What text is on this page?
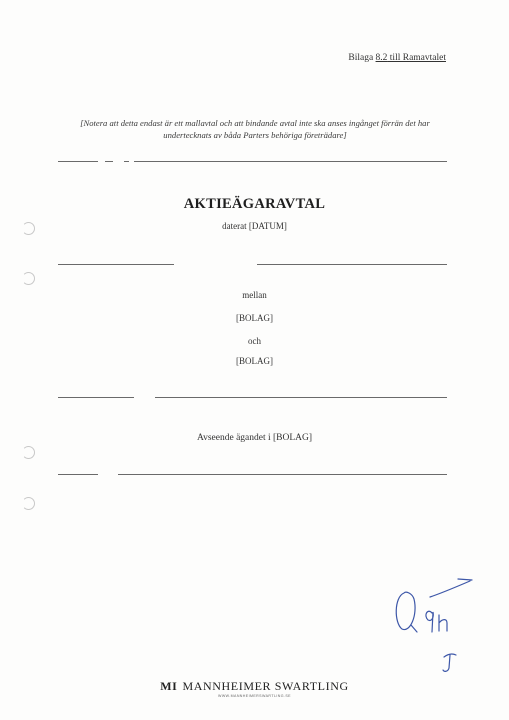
Bilaga 8.2 till Ramavtalet
[Notera att detta endast är ett mallavtal och att bindande avtal inte ska anses ingånget förrän det har undertecknats av båda Parters behöriga företrädare]
AKTIEÄGARAVTAL
daterat [DATUM]
mellan
[BOLAG]
och
[BOLAG]
Avseende ägandet i [BOLAG]
MI MANNHEIMER SWARTLING
WWW.MANNHEIMERSWARTLING.SE
